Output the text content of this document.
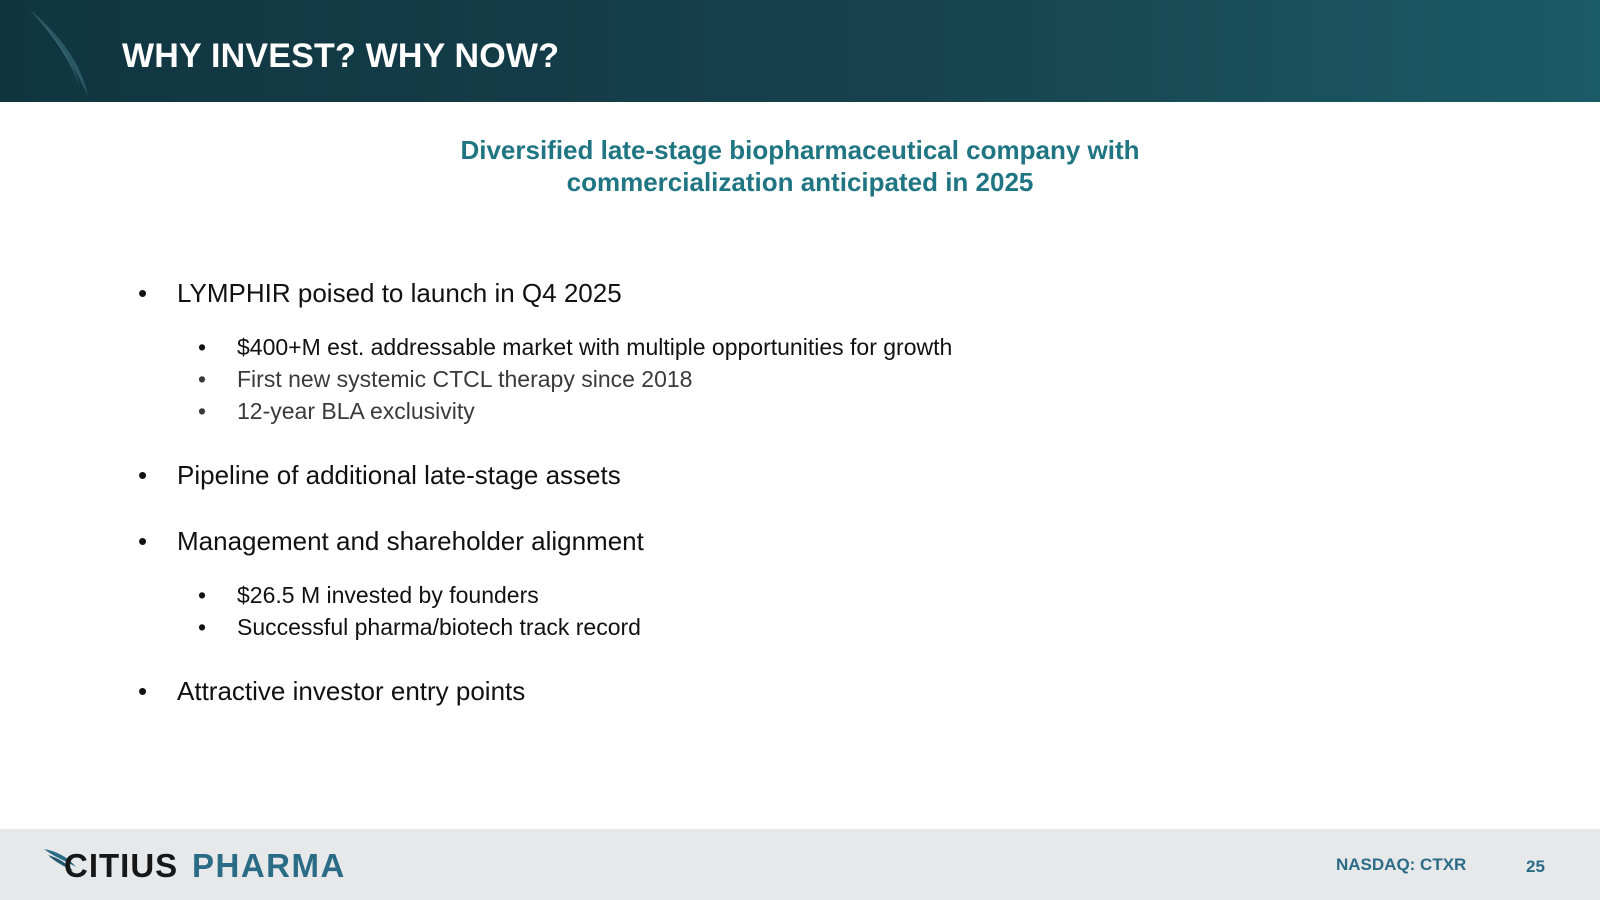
WHY INVEST? WHY NOW?
Diversified late-stage biopharmaceutical company with
commercialization anticipated in 2025
• LYMPHIR poised to launch in Q4 2025
• $400+M est. addressable market with multiple opportunities for growth
• First new systemic CTCL therapy since 2018
• 12-year BLA exclusivity
• Pipeline of additional late-stage assets
• Management and shareholder alignment
• $26.5 M invested by founders
• Successful pharma/biotech track record
• Attractive investor entry points
CITIUS PHARMA	NASDAQ: CTXR	25
